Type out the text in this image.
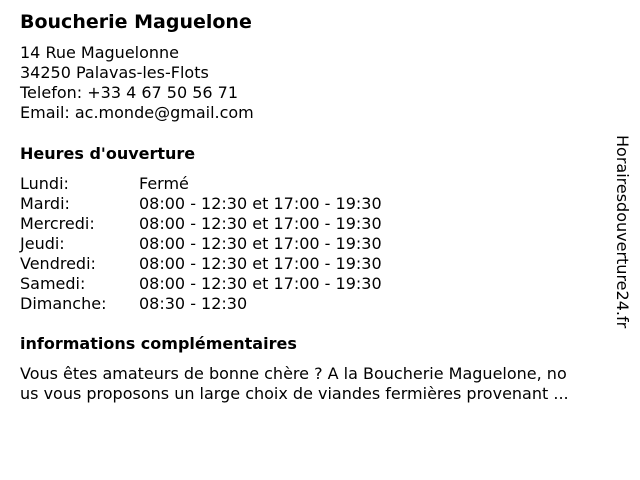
Boucherie Maguelone
14 Rue Maguelonne
34250 Palavas-les-Flots
Telefon: +33 4 67 50 56 71
Email: ac.monde@gmail.com
Heures d'ouverture
Lundi:	Fermé
Mardi:	08:00 - 12:30 et 17:00 - 19:30
Mercredi:	08:00 - 12:30 et 17:00 - 19:30
Jeudi:	08:00 - 12:30 et 17:00 - 19:30
Vendredi:	08:00 - 12:30 et 17:00 - 19:30
Samedi:	08:00 - 12:30 et 17:00 - 19:30
Dimanche:	08:30 - 12:30
informations complémentaires
Vous êtes amateurs de bonne chère ? A la Boucherie Maguelone, no
us vous proposons un large choix de viandes fermières provenant ...
Horairesdouverture24.fr
